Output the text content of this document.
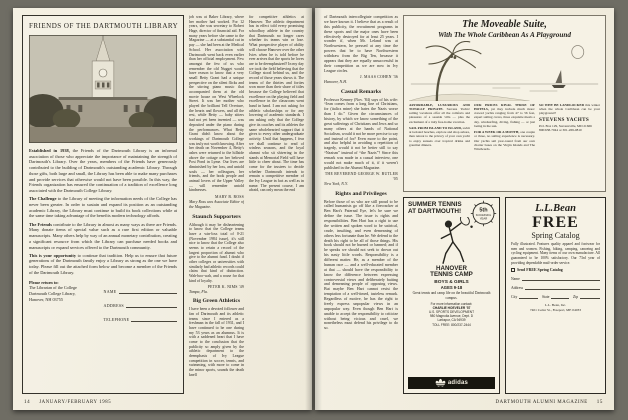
FRIENDS OF THE DARTMOUTH LIBRARY

Established in 1938, the Friends of the Dartmouth Library is an informal association of those who appreciate the importance of maintaining the strength of Dartmouth's Library. Over the years, members of the Friends have generously contributed to the building of Dartmouth's outstanding academic Library. Through those gifts, both large and small, the Library has been able to make many purchases and provide services that otherwise would not have been possible. In this way, the Friends organization has ensured the continuation of a tradition of excellence long associated with the Dartmouth College Library.

The Challenge to the Library of meeting the information needs of the College has never been greater. In order to sustain and expand its position as an outstanding academic Library, the Library must continue to build its book collections while at the same time taking advantage of the benefits modern technology affords.

The Friends contribute to the Library in almost as many ways as there are Friends. Many donate items of special value such as a rare first edition or valuable manuscripts. Many others help by way of an annual monetary contribution, creating a significant resource from which the Library can purchase needed books and manuscripts or expand services offered to the Dartmouth community.

This is your opportunity to continue that tradition. Help us to ensure that future generations of the Dartmouth family enjoy a Library as strong as the one we have today. Please fill out the attached form below and become a member of the Friends of the Dartmouth Library.

Please return to:
The Librarian of the College
Dartmouth College Library,
Hanover, NH 03755
NAME
ADDRESS
TELEPHONE

job was at Baker Library, where her mother had worked. For 12 years, she was secretary to Robert Hage, director of financial aid. For many years before she came to the Magazine — at a substantial cut in pay — she had been at the Medical School. Her association with Dartmouth went back even earlier than her official employment. Few amongst the few of us who remember the old Nugget would have reason to know that a very small Betty Grant had a unique perspective on the silent flicks and the stirring piano music that accompanied them at the old movie house on West Wheelock Street. It was her mother who played the brilliant Tell Overture, the hearts and flowers, and all the rest, while Betty — baby sitters had not yet been invented — was deposited under the piano during the performances. What Betty Grant didn't know about the workings of Dartmouth College was truly not worth knowing. After her death on November 4, Betty's ashes were returned to the hillside above the cottage on her beloved Post Pond in Lyme. Our lives are diminished by her loss, and untold souls — her colleagues, her friends, and the book people and animal lovers of the Upper Valley — will remember untold kindnesses.

MARY B. ROSS
Mary Ross was Associate Editor of the Magazine.
Staunch Supporters

Although it may be disheartening to know that the College teams have a win-loss total of 0-21 (November 1984 issue), it's still nice to know that the College also seems to retain a record of the largest proportion of alumni who give to the alumni fund. I doubt if other colleges or universities with similarly bad athletic records could claim that kind of distinction. Wah-hoo-wah, and a rouse for that kind of loyalty.

PETER K. NIMS '49
Tampa, Fla.
Big Green Athletics

I have been a devoted follower and fan of Dartmouth and its athletic teams since I entered as a freshman in the fall of 1931, and I have continued to be one during my 53 years as an alumnus. It is with a saddened heart that I have come to the conclusion that the publicity so amply given by the athletic department to the deemphasis of Ivy League competition in soccer, tennis, and swimming, with more to come in the minor sports, sounds the death knell

for competitive athletics at Hanover. The athletic department has in effect told every promising schoolboy athlete in the country that Dartmouth no longer cares whether its teams win or lose. What prospective player of ability will choose Hanover over the other Ivies when he is told before he ever arrives that the sports he loves are to be deemphasized? In my day we took the field believing that the College stood behind us, and the record of those years shows it. The teams of the thirties and forties won more than their share of titles because the College believed that excellence on the playing field and excellence in the classroom went hand in hand. I am not asking for athletic scholarships or for any lowering of academic standards. I am asking only that the College give its coaches and its athletes the same wholehearted support that it gives to every other undergraduate activity. Until that happens, I fear we shall continue to read of winless seasons, and the loyal alumni who sit shivering in the stands at Memorial Field will have little to cheer about. The time has come for the trustees to decide whether Dartmouth intends to remain a competitive member of the Ivy League in fact as well as in name. The present course, I am afraid, can only mean the end

14 JANUARY/FEBRUARY 1985

of Dartmouth intercollegiate competition as we have known it. I believe that as a result of this publicity, the recruitment programs in these sports and the major ones have been effectively destroyed for at least 25 years. I wonder if, when Mr. Leland was at Northwestern, he pressed at any time the powers that be to have Northwestern withdraw from the Big Ten, because it appears that they are equally unsuccessful in their competition as we are now in Ivy League circles.

J. MAAS COHEN '36
Hanover, N.H.
Casual Remarks

Professor Kenney (Nov. '84) says of his wife: “Jean comes from a long line of Christians, for (italics mine) she hates the Nazis worse than I do.” Given the circumstances of history, by which we know something of the great sufferings of Christians and Jews and so many others at the hands of National Socialism, would it not be more precise to say and instead of for? Even more to the point, and also helpful in avoiding a repetition of tragedy, would it not be better still to say “Nazism” instead of “the Nazis”? Since this remark was made in a casual interview, one would not make much of it, if it weren't published in the Alumni Magazine.

THE REVEREND GEORGE W. BUTLER '05
New York, N.Y.
Rights and Privileges

Before those of us who are still proud to be called humanists go off like a firecracker at Ben Hart's Paternal Eye, let's be sure we define the issue. The issue is rights and responsibilities. Ben Hart has a right to use the written and spoken word to be satirical, crude, insulting, and even demeaning of others less fortunate than he. We defend to the death his right to be all of those things. His book should not be burned or banned; and if he speaks we should not seek to drown out his nasty little words. Responsibility is a different matter. He, as a member of the human race — and a well-educated member at that — should have the responsibility to know the difference between expressing controversial views and deliberately baiting and demeaning people of opposing views. But maybe Ben Hart cannot resist the temptation of a well-timed, tasteless remark. Regardless of motive, he has the right to freely express unpopular views in an unpopular way. Even though Ben Hart is unable to accept the responsibility to criticize without being vicious and cruel, we nonetheless must defend his privilege to do so.

The Moveable Suite,
With The Whole Caribbean As A Playground

AFFORDABLE, LUXURIOUS AND TOTALLY PRIVATE. Stevens Yachts' sailing vacations offer all the comforts and pleasures of a seaside villa — plus the excitement of a truly free-home vacation.

SAIL FROM ISLAND TO ISLAND, swim at isolated beaches, explore and shop ashore, then retreat to the privacy of your own yacht to enjoy sunsets over tropical drinks and gourmet dinners.

OUR PRICES RIVAL THOSE OF HOTELS, yet they include much more: crewed yachts ranging from 47 to 56 feet, expert sailing crews, three exquisite meals a day, windsurfing, diving, fishing — or just lazing in the sun.

FOR A WEEK OR A MONTH, one couple or three, no sailing experience is necessary. Our yachts sail year-round from our own charter bases on the Virgin Islands and The Windwards.

SO WHY BE LANDLOCKED this winter when the whole Caribbean can be your playground?

STEVENS YACHTS
P.O. Box 129, Stevensville, MD 21666
800/638-7044 or 301-269-0810
SUMMER TENNIS
AT DARTMOUTH!	5th
SUCCESSFUL
YEAR
HANOVER
TENNIS CAMP
BOYS & GIRLS
AGES 9-18
Great tennis and camp life on the beautiful Dartmouth campus.
For more information contact:
CHARLIE HOEVELER '57
U.S. SPORTS DEVELOPMENT
980 Magnolia Avenue, Dept. D
Larkspur, CA 94939
TOLL FREE: 800/237-2444
adidas
L.L.Bean
FREE
Spring Catalog
Fully illustrated. Features quality apparel and footwear for men and women. Fishing, hiking, camping, canoeing and cycling equipment. Many items of our own manufacture. All guaranteed to be 100% satisfactory. Our 73rd year of providing dependable mail-order service.
Send FREE Spring Catalog
Name
Address
City	State	Zip
L.L. Bean, Inc.
7401 Cedar St., Freeport, ME 04033
DARTMOUTH ALUMNI MAGAZINE 15
